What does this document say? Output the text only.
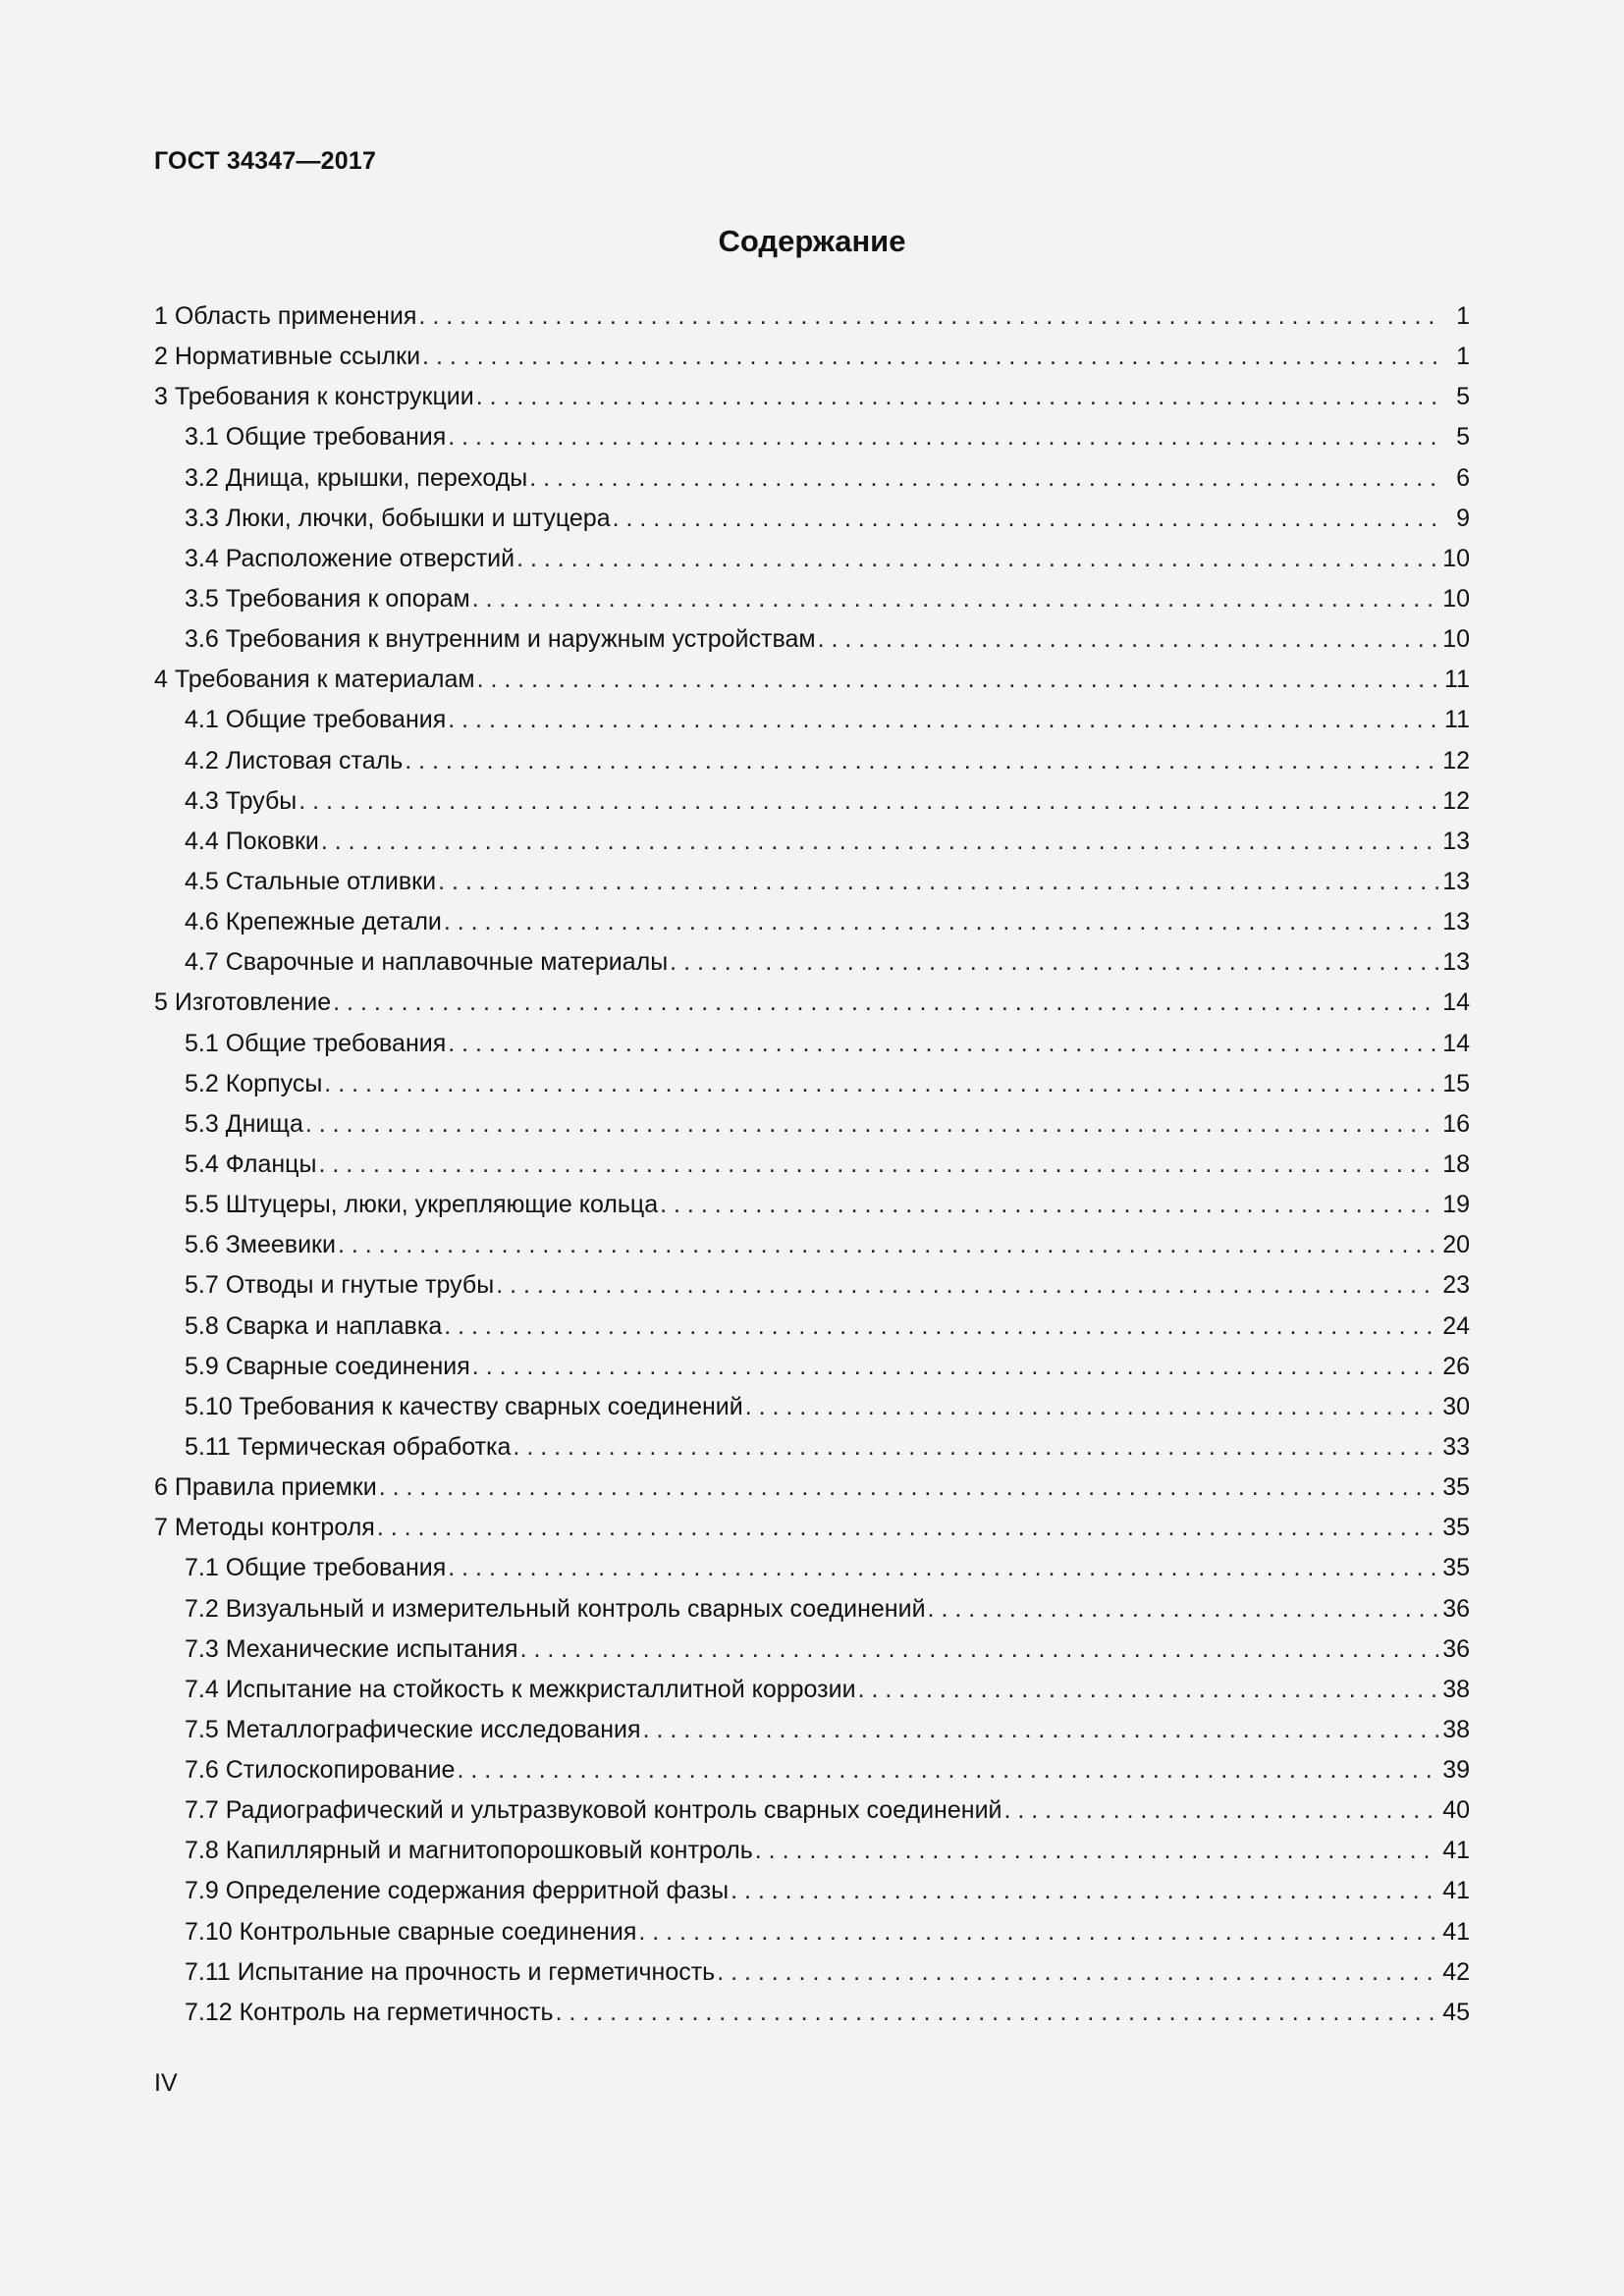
ГОСТ 34347—2017
Содержание
1 Область применения . . .	1
2 Нормативные ссылки . . .	1
3 Требования к конструкции . . .	5
3.1 Общие требования . . .	5
3.2 Днища, крышки, переходы . . .	6
3.3 Люки, лючки, бобышки и штуцера . . .	9
3.4 Расположение отверстий . . .	10
3.5 Требования к опорам . . .	10
3.6 Требования к внутренним и наружным устройствам . . .	10
4 Требования к материалам . . .	11
4.1 Общие требования . . .	11
4.2 Листовая сталь . . .	12
4.3 Трубы . . .	12
4.4 Поковки . . .	13
4.5 Стальные отливки . . .	13
4.6 Крепежные детали . . .	13
4.7 Сварочные и наплавочные материалы . . .	13
5 Изготовление . . .	14
5.1 Общие требования . . .	14
5.2 Корпусы . . .	15
5.3 Днища . . .	16
5.4 Фланцы . . .	18
5.5 Штуцеры, люки, укрепляющие кольца . . .	19
5.6 Змеевики . . .	20
5.7 Отводы и гнутые трубы . . .	23
5.8 Сварка и наплавка . . .	24
5.9 Сварные соединения . . .	26
5.10 Требования к качеству сварных соединений . . .	30
5.11 Термическая обработка . . .	33
6 Правила приемки . . .	35
7 Методы контроля . . .	35
7.1 Общие требования . . .	35
7.2 Визуальный и измерительный контроль сварных соединений . . .	36
7.3 Механические испытания . . .	36
7.4 Испытание на стойкость к межкристаллитной коррозии . . .	38
7.5 Металлографические исследования . . .	38
7.6 Стилоскопирование . . .	39
7.7 Радиографический и ультразвуковой контроль сварных соединений . . .	40
7.8 Капиллярный и магнитопорошковый контроль . . .	41
7.9 Определение содержания ферритной фазы . . .	41
7.10 Контрольные сварные соединения . . .	41
7.11 Испытание на прочность и герметичность . . .	42
7.12 Контроль на герметичность . . .	45
IV
